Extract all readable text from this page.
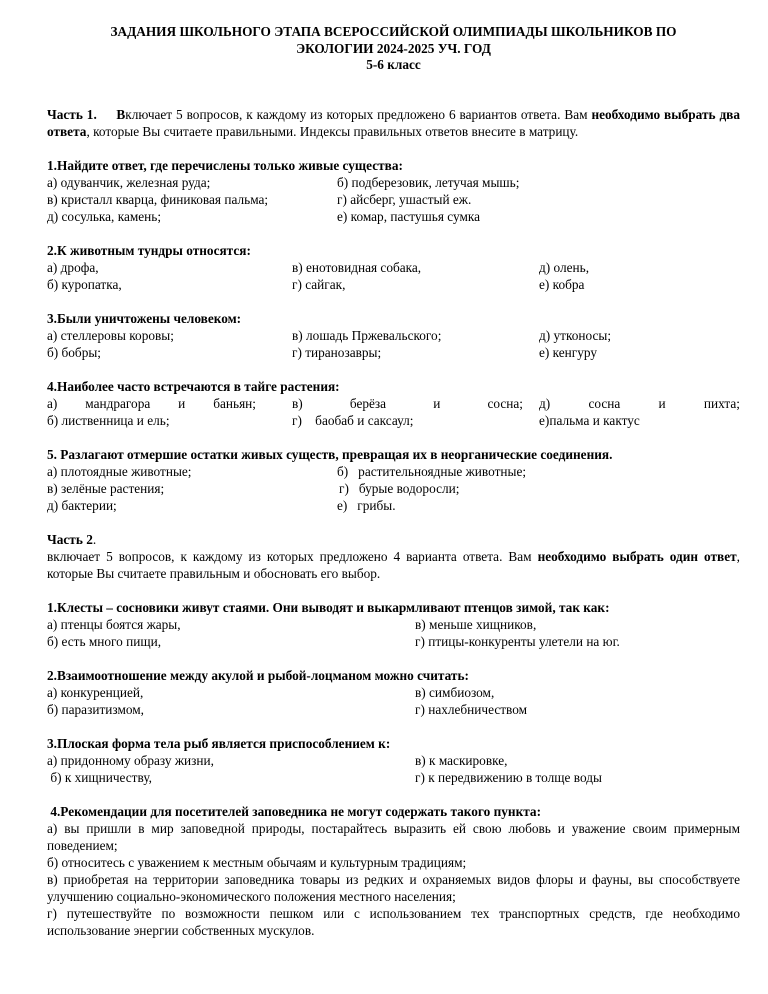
ЗАДАНИЯ ШКОЛЬНОГО ЭТАПА ВСЕРОССИЙСКОЙ ОЛИМПИАДЫ ШКОЛЬНИКОВ ПО
ЭКОЛОГИИ 2024-2025 УЧ. ГОД
5-6 класс
Часть 1. Включает 5 вопросов, к каждому из которых предложено 6 вариантов ответа. Вам необходимо выбрать два ответа, которые Вы считаете правильными. Индексы правильных ответов внесите в матрицу.
1.Найдите ответ, где перечислены только живые существа:
а) одуванчик, железная руда;	б) подберезовик, летучая мышь;
в) кристалл кварца, финиковая пальма;	г) айсберг, ушастый еж.
д) сосулька, камень;	е) комар, пастушья сумка
2.К животным тундры относятся:
а) дрофа,	в) енотовидная собака,	д) олень,
б) куропатка,	г) сайгак,	е) кобра
3.Были уничтожены человеком:
а) стеллеровы коровы;	в) лошадь Пржевальского;	д) утконосы;
б) бобры;	г) тиранозавры;	е) кенгуру
4.Наиболее часто встречаются в тайге растения:
а) мандрагора и баньян;	в)	берёза	и	сосна; д)	сосна	и	пихта;
б) лиственница и ель;	г)    баобаб и саксаул;	е)пальма и кактус
5. Разлагают отмершие остатки живых существ, превращая их в неорганические соединения.
а) плотоядные животные;	б)   растительноядные животные;
в) зелёные растения;	г)   бурые водоросли;
д) бактерии;	е)   грибы.
Часть 2.
включает 5 вопросов, к каждому из которых предложено 4 варианта ответа. Вам необходимо выбрать один ответ, которые Вы считаете правильным и обосновать его выбор.
1.Клесты – сосновики живут стаями. Они выводят и выкармливают птенцов зимой, так как:
а) птенцы боятся жары,	в) меньше хищников,
б) есть много пищи,	г) птицы-конкуренты улетели на юг.
2.Взаимоотношение между акулой и рыбой-лоцманом можно считать:
а) конкуренцией,	в) симбиозом,
б) паразитизмом,	г) нахлебничеством
3.Плоская форма тела рыб является приспособлением к:
а) придонному образу жизни,	в) к маскировке,
б) к хищничеству,	г) к передвижению в толще воды
4.Рекомендации для посетителей заповедника не могут содержать такого пункта:
а) вы пришли в мир заповедной природы, постарайтесь выразить ей свою любовь и уважение своим примерным поведением;
б) относитесь с уважением к местным обычаям и культурным традициям;
в) приобретая на территории заповедника товары из редких и охраняемых видов флоры и фауны, вы способствуете улучшению социально-экономического положения местного населения;
г) путешествуйте по возможности пешком или с использованием тех транспортных средств, где необходимо использование энергии собственных мускулов.
